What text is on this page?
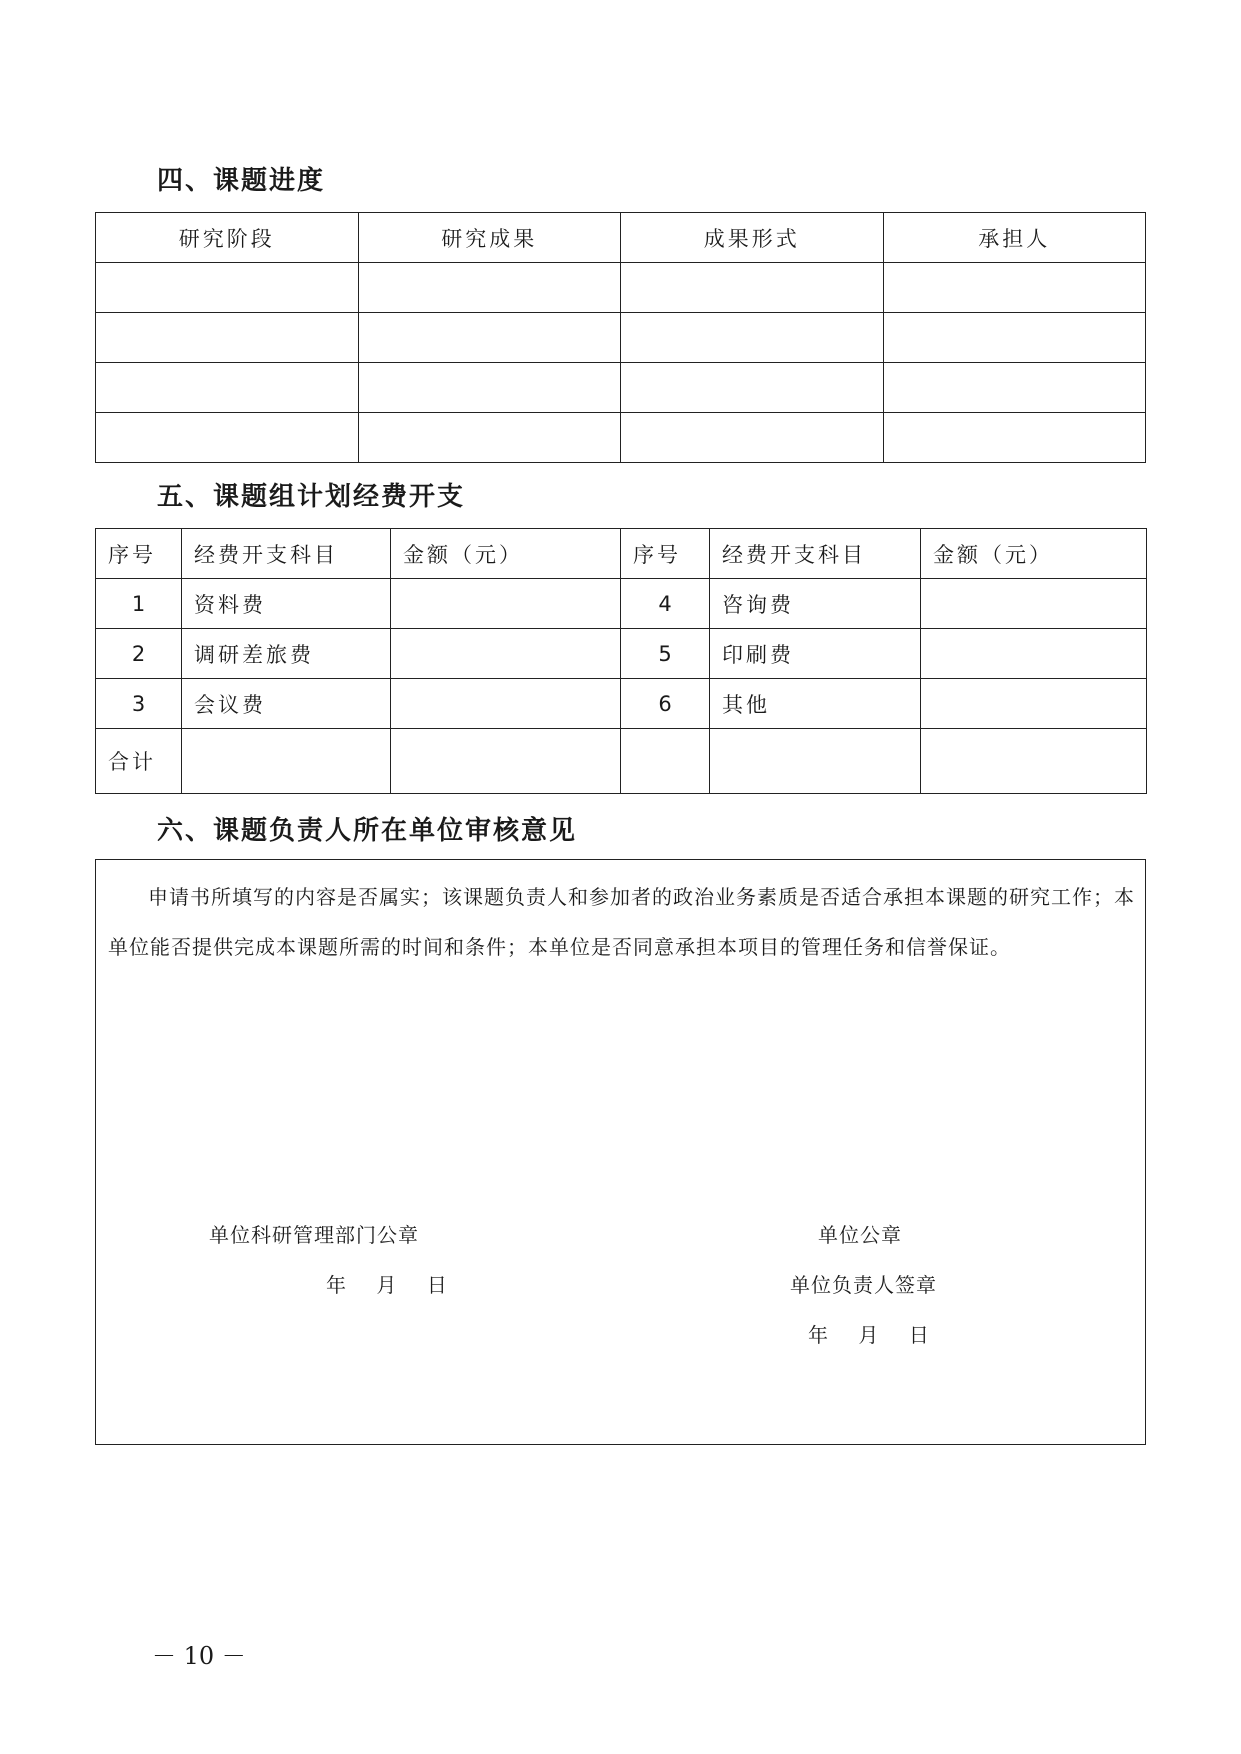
四、课题进度
研究阶段	研究成果	成果形式	承担人

五、课题组计划经费开支
序号	经费开支科目	金额（元）	序号	经费开支科目	金额（元）
1	资料费		4	咨询费	
2	调研差旅费		5	印刷费	
3	会议费		6	其他	
合计					
六、课题负责人所在单位审核意见

申请书所填写的内容是否属实；该课题负责人和参加者的政治业务素质是否适合承担本课题的研究工作；本单位能否提供完成本课题所需的时间和条件；本单位是否同意承担本项目的管理任务和信誉保证。

单位科研管理部门公章
年    月    日
单位公章
单位负责人签章
年    月    日
－ 10 －
